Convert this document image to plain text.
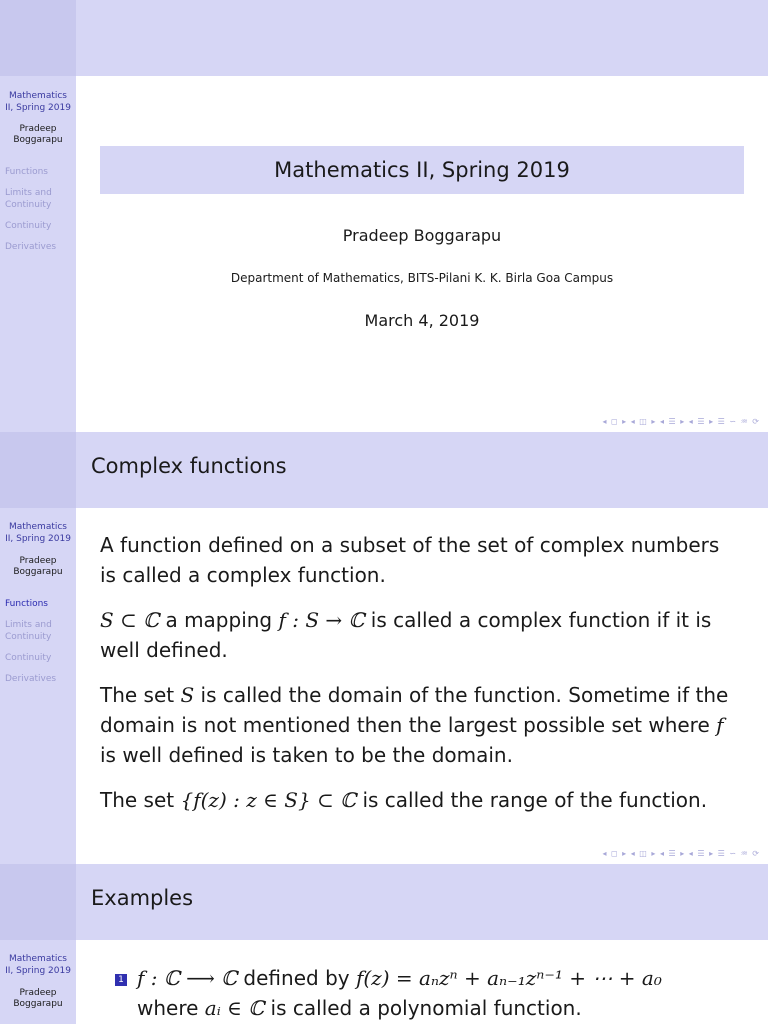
Mathematics
II, Spring 2019
Pradeep
Boggarapu
Functions
Limits and
Continuity
Continuity
Derivatives
Mathematics II, Spring 2019
Pradeep Boggarapu
Department of Mathematics, BITS-Pilani K. K. Birla Goa Campus
March 4, 2019
◂ ◻ ▸ ◂ ◫ ▸ ◂ ☰ ▸ ◂ ☰ ▸ ☰ ∽ ♒ ⟳
Complex functions
Mathematics
II, Spring 2019
Pradeep
Boggarapu
Functions
Limits and
Continuity
Continuity
Derivatives

A function defined on a subset of the set of complex numbers is called a complex function.

S ⊂ ℂ a mapping f : S → ℂ is called a complex function if it is well defined.

The set S is called the domain of the function. Sometime if the domain is not mentioned then the largest possible set where f is well defined is taken to be the domain.

The set {f(z) : z ∈ S} ⊂ ℂ is called the range of the function.

◂ ◻ ▸ ◂ ◫ ▸ ◂ ☰ ▸ ◂ ☰ ▸ ☰ ∽ ♒ ⟳
Examples
Mathematics
II, Spring 2019
Pradeep
Boggarapu

1 f : ℂ ⟶ ℂ defined by f(z) = aₙzⁿ + aₙ₋₁zⁿ⁻¹ + ⋯ + a₀

where aᵢ ∈ ℂ is called a polynomial function.
